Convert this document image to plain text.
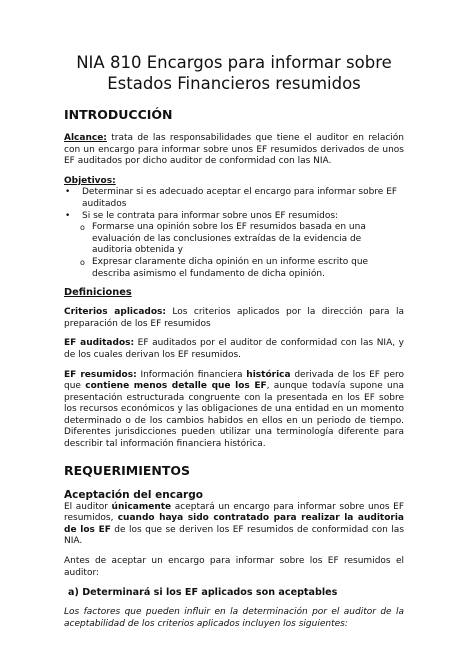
NIA 810 Encargos para informar sobre
Estados Financieros resumidos
INTRODUCCIÓN

Alcance: trata de las responsabilidades que tiene el auditor en relación con un encargo para informar sobre unos EF resumidos derivados de unos EF auditados por dicho auditor de conformidad con las NIA.

Objetivos:

• Determinar si es adecuado aceptar el encargo para informar sobre EF auditados
• Si se le contrata para informar sobre unos EF resumidos:
o Formarse una opinión sobre los EF resumidos basada en una evaluación de las conclusiones extraídas de la evidencia de auditoria obtenida y
o Expresar claramente dicha opinión en un informe escrito que describa asimismo el fundamento de dicha opinión.

Definiciones

Criterios aplicados: Los criterios aplicados por la dirección para la preparación de los EF resumidos

EF auditados: EF auditados por el auditor de conformidad con las NIA, y de los cuales derivan los EF resumidos.

EF resumidos: Información financiera histórica derivada de los EF pero que contiene menos detalle que los EF, aunque todavía supone una presentación estructurada congruente con la presentada en los EF sobre los recursos económicos y las obligaciones de una entidad en un momento determinado o de los cambios habidos en ellos en un periodo de tiempo. Diferentes jurisdicciones pueden utilizar una terminología diferente para describir tal información financiera histórica.

REQUERIMIENTOS
Aceptación del encargo

El auditor únicamente aceptará un encargo para informar sobre unos EF resumidos, cuando haya sido contratado para realizar la auditoria de los EF de los que se deriven los EF resumidos de conformidad con las NIA.

Antes de aceptar un encargo para informar sobre los EF resumidos el auditor:

a) Determinará si los EF aplicados son aceptables

Los factores que pueden influir en la determinación por el auditor de la aceptabilidad de los criterios aplicados incluyen los siguientes:
